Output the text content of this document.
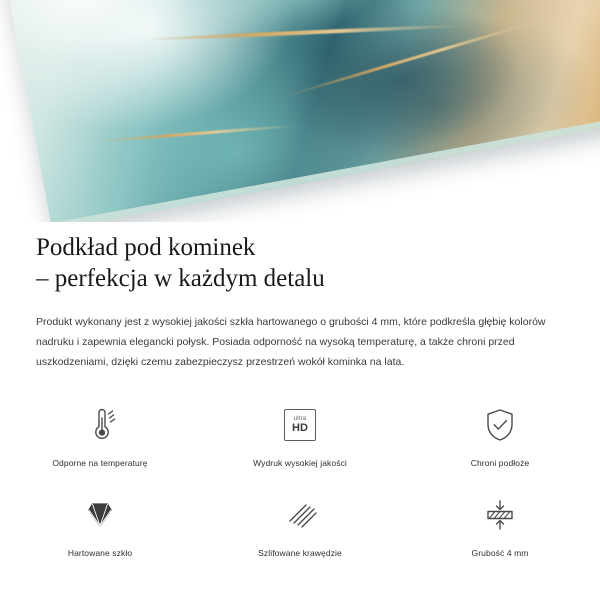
Podkład pod kominek
– perfekcja w każdym detalu

Produkt wykonany jest z wysokiej jakości szkła hartowanego o grubości 4 mm, które podkreśla głębię kolorów nadruku i zapewnia elegancki połysk. Posiada odporność na wysoką temperaturę, a także chroni przed uszkodzeniami, dzięki czemu zabezpieczysz przestrzeń wokół kominka na lata.

Odporne na temperaturę
ultra
HD
Wydruk wysokiej jakości	Chroni podłoże
Hartowane szkło	Szlifowane krawędzie	Grubość 4 mm
